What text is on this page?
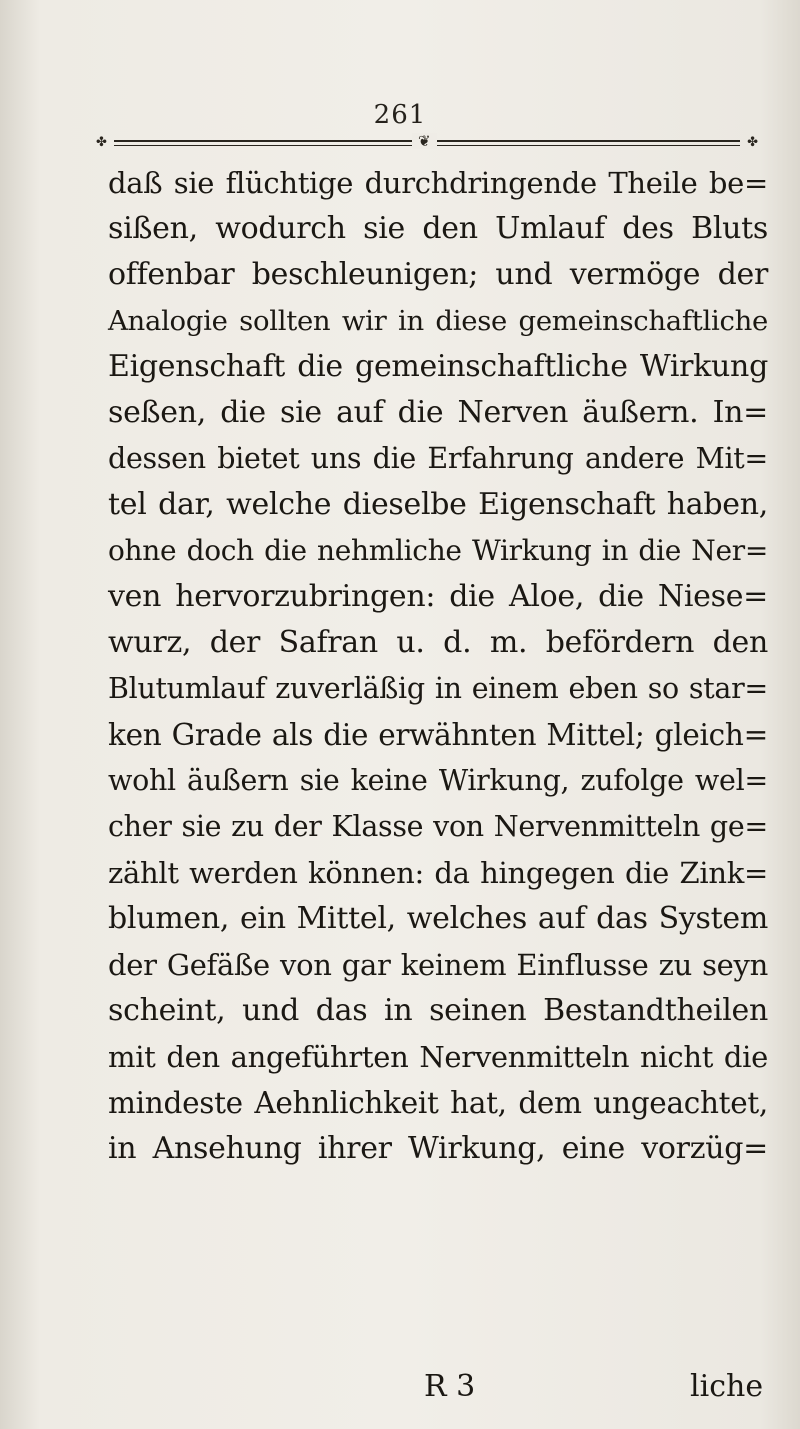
261
✤	❦	✤
daß sie flüchtige durchdringende Theile be=
sißen, wodurch sie den Umlauf des Bluts
offenbar beschleunigen; und vermöge der
Analogie sollten wir in diese gemeinschaftliche
Eigenschaft die gemeinschaftliche Wirkung
seßen, die sie auf die Nerven äußern. In=
dessen bietet uns die Erfahrung andere Mit=
tel dar, welche dieselbe Eigenschaft haben,
ohne doch die nehmliche Wirkung in die Ner=
ven hervorzubringen: die Aloe, die Niese=
wurz, der Safran u. d. m. befördern den
Blutumlauf zuverläßig in einem eben so star=
ken Grade als die erwähnten Mittel; gleich=
wohl äußern sie keine Wirkung, zufolge wel=
cher sie zu der Klasse von Nervenmitteln ge=
zählt werden können: da hingegen die Zink=
blumen, ein Mittel, welches auf das System
der Gefäße von gar keinem Einflusse zu seyn
scheint, und das in seinen Bestandtheilen
mit den angeführten Nervenmitteln nicht die
mindeste Aehnlichkeit hat, dem ungeachtet,
in Ansehung ihrer Wirkung, eine vorzüg=
R 3	liche
